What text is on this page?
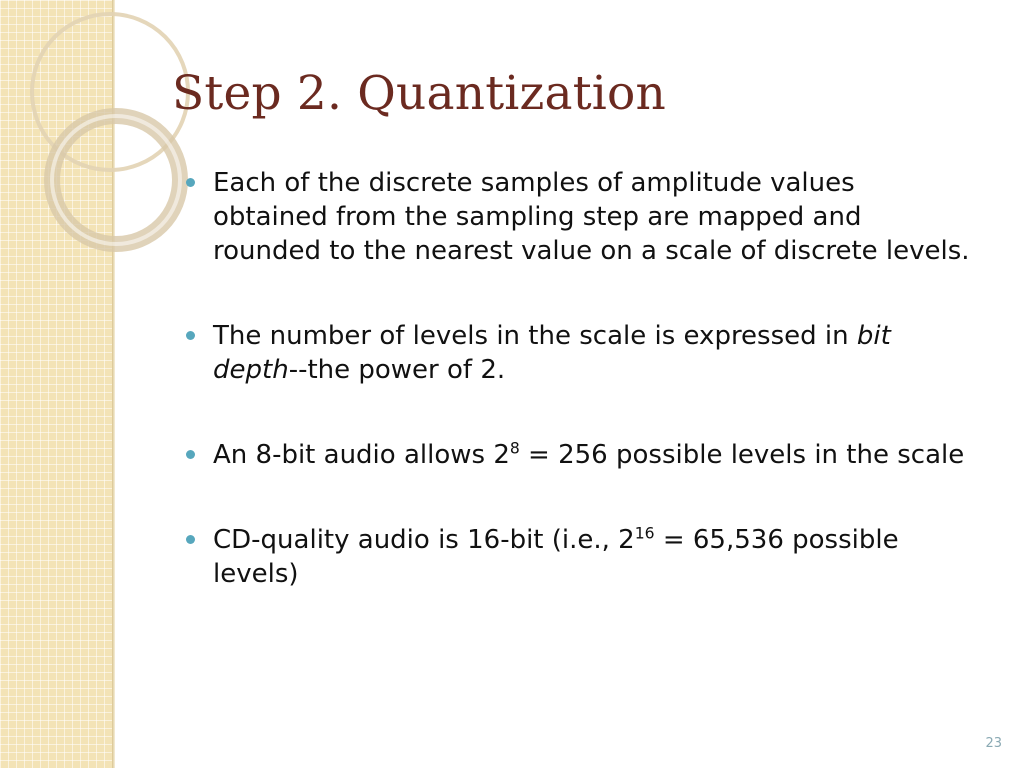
Step 2. Quantization
Each of the discrete samples of amplitude values obtained from the sampling step are mapped and rounded to the nearest value on a scale of discrete levels.
The number of levels in the scale is expressed in bit depth--the power of 2.
An 8-bit audio allows $2^8 = 256$ possible levels in the scale
CD-quality audio is 16-bit (i.e., $2^{16} = 65,536$ possible levels)
23
